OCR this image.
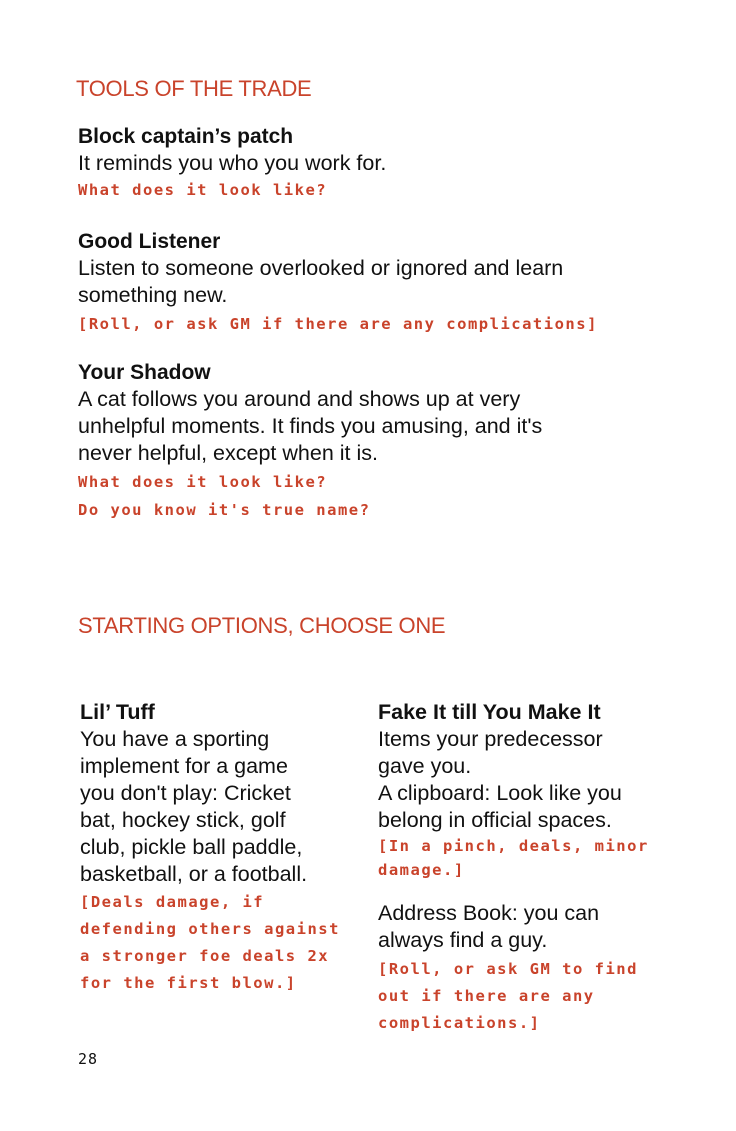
TOOLS OF THE TRADE
Block captain’s patch
It reminds you who you work for.
What does it look like?
Good Listener
Listen to someone overlooked or ignored and learn
something new.
[Roll, or ask GM if there are any complications]
Your Shadow
A cat follows you around and shows up at very
unhelpful moments. It finds you amusing, and it's
never helpful, except when it is.
What does it look like?
Do you know it's true name?
STARTING OPTIONS, CHOOSE ONE
Lil’ Tuff
You have a sporting
implement for a game
you don't play: Cricket
bat, hockey stick, golf
club, pickle ball paddle,
basketball, or a football.
[Deals damage, if
defending others against
a stronger foe deals 2x
for the first blow.]
Fake It till You Make It
Items your predecessor
gave you.
A clipboard: Look like you
belong in official spaces.
[In a pinch, deals, minor
damage.]
Address Book: you can
always find a guy.
[Roll, or ask GM to find
out if there are any
complications.]
28
